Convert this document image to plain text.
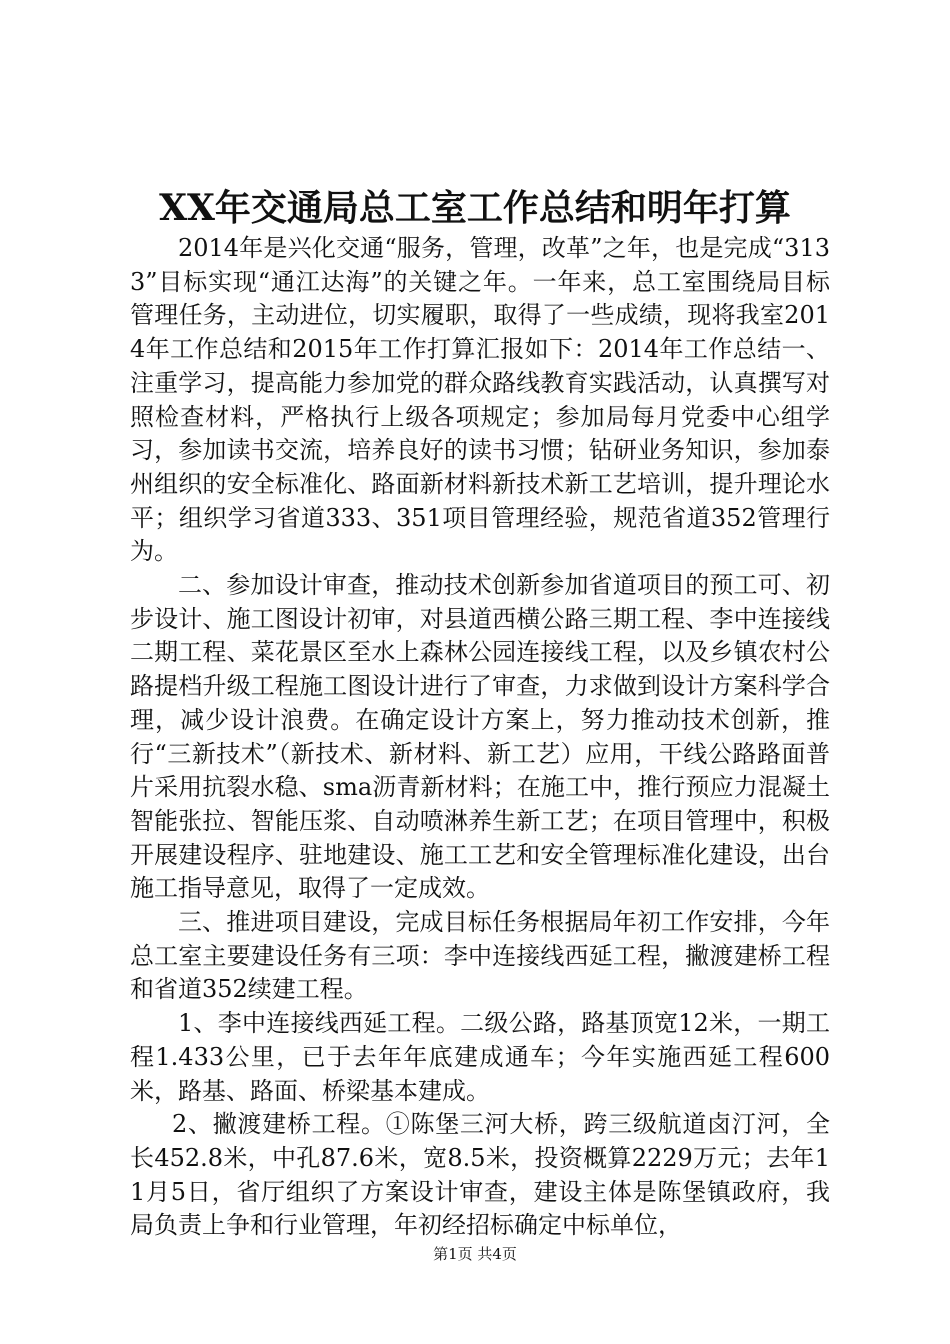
XX年交通局总工室工作总结和明年打算

2014年是兴化交通“服务，管理，改革”之年，也是完成“3133”目标实现“通江达海”的关键之年。一年来，总工室围绕局目标管理任务，主动进位，切实履职，取得了一些成绩，现将我室2014年工作总结和2015年工作打算汇报如下：2014年工作总结一、注重学习，提高能力参加党的群众路线教育实践活动，认真撰写对照检查材料，严格执行上级各项规定；参加局每月党委中心组学习，参加读书交流，培养良好的读书习惯；钻研业务知识，参加泰州组织的安全标准化、路面新材料新技术新工艺培训，提升理论水平；组织学习省道333、351项目管理经验，规范省道352管理行为。

二、参加设计审查，推动技术创新参加省道项目的预工可、初步设计、施工图设计初审，对县道西横公路三期工程、李中连接线二期工程、菜花景区至水上森林公园连接线工程，以及乡镇农村公路提档升级工程施工图设计进行了审查，力求做到设计方案科学合理，减少设计浪费。在确定设计方案上，努力推动技术创新，推行“三新技术”（新技术、新材料、新工艺）应用，干线公路路面普片采用抗裂水稳、sma沥青新材料；在施工中，推行预应力混凝土智能张拉、智能压浆、自动喷淋养生新工艺；在项目管理中，积极开展建设程序、驻地建设、施工工艺和安全管理标准化建设，出台施工指导意见，取得了一定成效。

三、推进项目建设，完成目标任务根据局年初工作安排，今年总工室主要建设任务有三项：李中连接线西延工程，撇渡建桥工程和省道352续建工程。

1、李中连接线西延工程。二级公路，路基顶宽12米，一期工程1.433公里，已于去年年底建成通车；今年实施西延工程600米，路基、路面、桥梁基本建成。

2、撇渡建桥工程。①陈堡三河大桥，跨三级航道卤汀河，全长452.8米，中孔87.6米，宽8.5米，投资概算2229万元；去年11月5日，省厅组织了方案设计审查，建设主体是陈堡镇政府，我局负责上争和行业管理，年初经招标确定中标单位，

第1页 共4页
